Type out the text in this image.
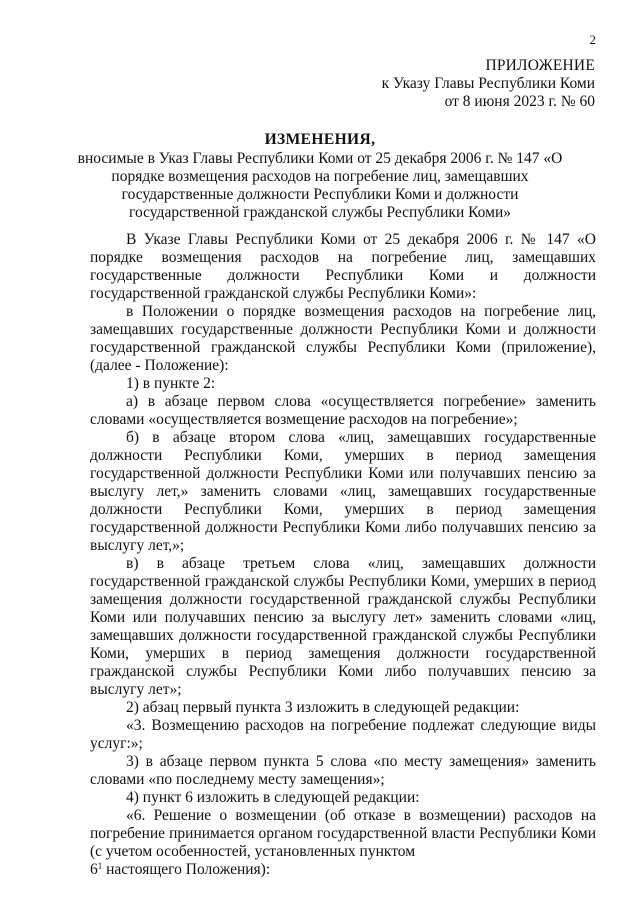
2
ПРИЛОЖЕНИЕ
к Указу Главы Республики Коми
от 8 июня 2023 г. № 60
ИЗМЕНЕНИЯ,
вносимые в Указ Главы Республики Коми от 25 декабря 2006 г. № 147 «О порядке возмещения расходов на погребение лиц, замещавших государственные должности Республики Коми и должности государственной гражданской службы Республики Коми»

В Указе Главы Республики Коми от 25 декабря 2006 г. № 147 «О порядке возмещения расходов на погребение лиц, замещавших государственные должности Республики Коми и должности государственной гражданской службы Республики Коми»:

в Положении о порядке возмещения расходов на погребение лиц, замещавших государственные должности Республики Коми и должности государственной гражданской службы Республики Коми (приложение), (далее - Положение):

1) в пункте 2:

а) в абзаце первом слова «осуществляется погребение» заменить словами «осуществляется возмещение расходов на погребение»;

б) в абзаце втором слова «лиц, замещавших государственные должности Республики Коми, умерших в период замещения государственной должности Республики Коми или получавших пенсию за выслугу лет,» заменить словами «лиц, замещавших государственные должности Республики Коми, умерших в период замещения государственной должности Республики Коми либо получавших пенсию за выслугу лет,»;

в) в абзаце третьем слова «лиц, замещавших должности государственной гражданской службы Республики Коми, умерших в период замещения должности государственной гражданской службы Республики Коми или получавших пенсию за выслугу лет» заменить словами «лиц, замещавших должности государственной гражданской службы Республики Коми, умерших в период замещения должности государственной гражданской службы Республики Коми либо получавших пенсию за выслугу лет»;

2) абзац первый пункта 3 изложить в следующей редакции:

«3. Возмещению расходов на погребение подлежат следующие виды услуг:»;

3) в абзаце первом пункта 5 слова «по месту замещения» заменить словами «по последнему месту замещения»;

4) пункт 6 изложить в следующей редакции:

«6. Решение о возмещении (об отказе в возмещении) расходов на погребение принимается органом государственной власти Республики Коми (с учетом особенностей, установленных пунктом

$6^1$ настоящего Положения):
